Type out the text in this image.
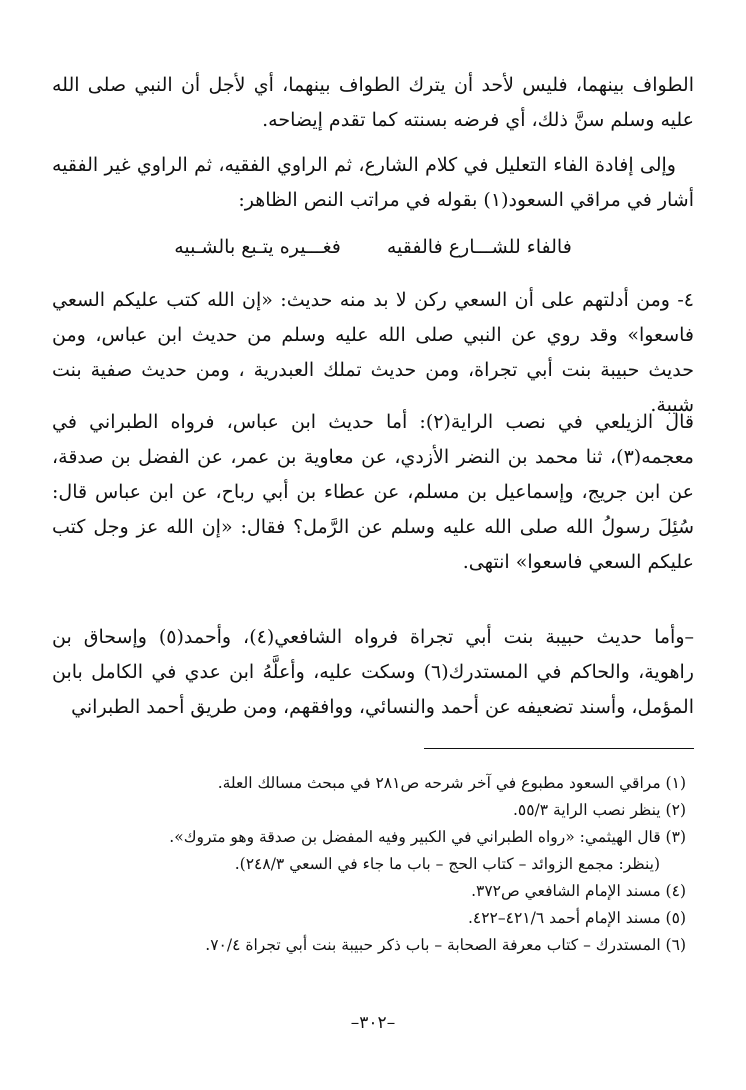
الطواف بينهما، فليس لأحد أن يترك الطواف بينهما، أي لأجل أن النبي صلى الله عليه وسلم سنَّ ذلك، أي فرضه بسنته كما تقدم إيضاحه.

وإلى إفادة الفاء التعليل في كلام الشارع، ثم الراوي الفقيه، ثم الراوي غير الفقيه أشار في مراقي السعود(١) بقوله في مراتب النص الظاهر:

فالفاء للشـــارع فالفقيه
فغـــيره يتـبع بالشـبيه

٤- ومن أدلتهم على أن السعي ركن لا بد منه حديث: «إن الله كتب عليكم السعي فاسعوا» وقد روي عن النبي صلى الله عليه وسلم من حديث ابن عباس، ومن حديث حبيبة بنت أبي تجراة، ومن حديث تملك العبدرية ، ومن حديث صفية بنت شيبة.

قال الزيلعي في نصب الراية(٢): أما حديث ابن عباس، فرواه الطبراني في معجمه(٣)، ثنا محمد بن النضر الأزدي، عن معاوية بن عمر، عن الفضل بن صدقة، عن ابن جريج، وإسماعيل بن مسلم، عن عطاء بن أبي رباح، عن ابن عباس قال: سُئِلَ رسولُ الله صلى الله عليه وسلم عن الرَّمل؟ فقال: «إن الله عز وجل كتب عليكم السعي فاسعوا» انتهى.

–وأما حديث حبيبة بنت أبي تجراة فرواه الشافعي(٤)، وأحمد(٥) وإسحاق بن راهوية، والحاكم في المستدرك(٦) وسكت عليه، وأعلَّهُ ابن عدي في الكامل بابن المؤمل، وأسند تضعيفه عن أحمد والنسائي، ووافقهم، ومن طريق أحمد الطبراني

(١) مراقي السعود مطبوع في آخر شرحه ص٢٨١ في مبحث مسالك العلة.
(٢) ينظر نصب الراية ٥٥/٣.
(٣) قال الهيثمي: «رواه الطبراني في الكبير وفيه المفضل بن صدقة وهو متروك».
(ينظر: مجمع الزوائد – كتاب الحج – باب ما جاء في السعي ٢٤٨/٣).
(٤) مسند الإمام الشافعي ص٣٧٢.
(٥) مسند الإمام أحمد ٤٢١/٦–٤٢٢.
(٦) المستدرك – كتاب معرفة الصحابة – باب ذكر حبيبة بنت أبي تجراة ٧٠/٤.
–٣٠٢–
